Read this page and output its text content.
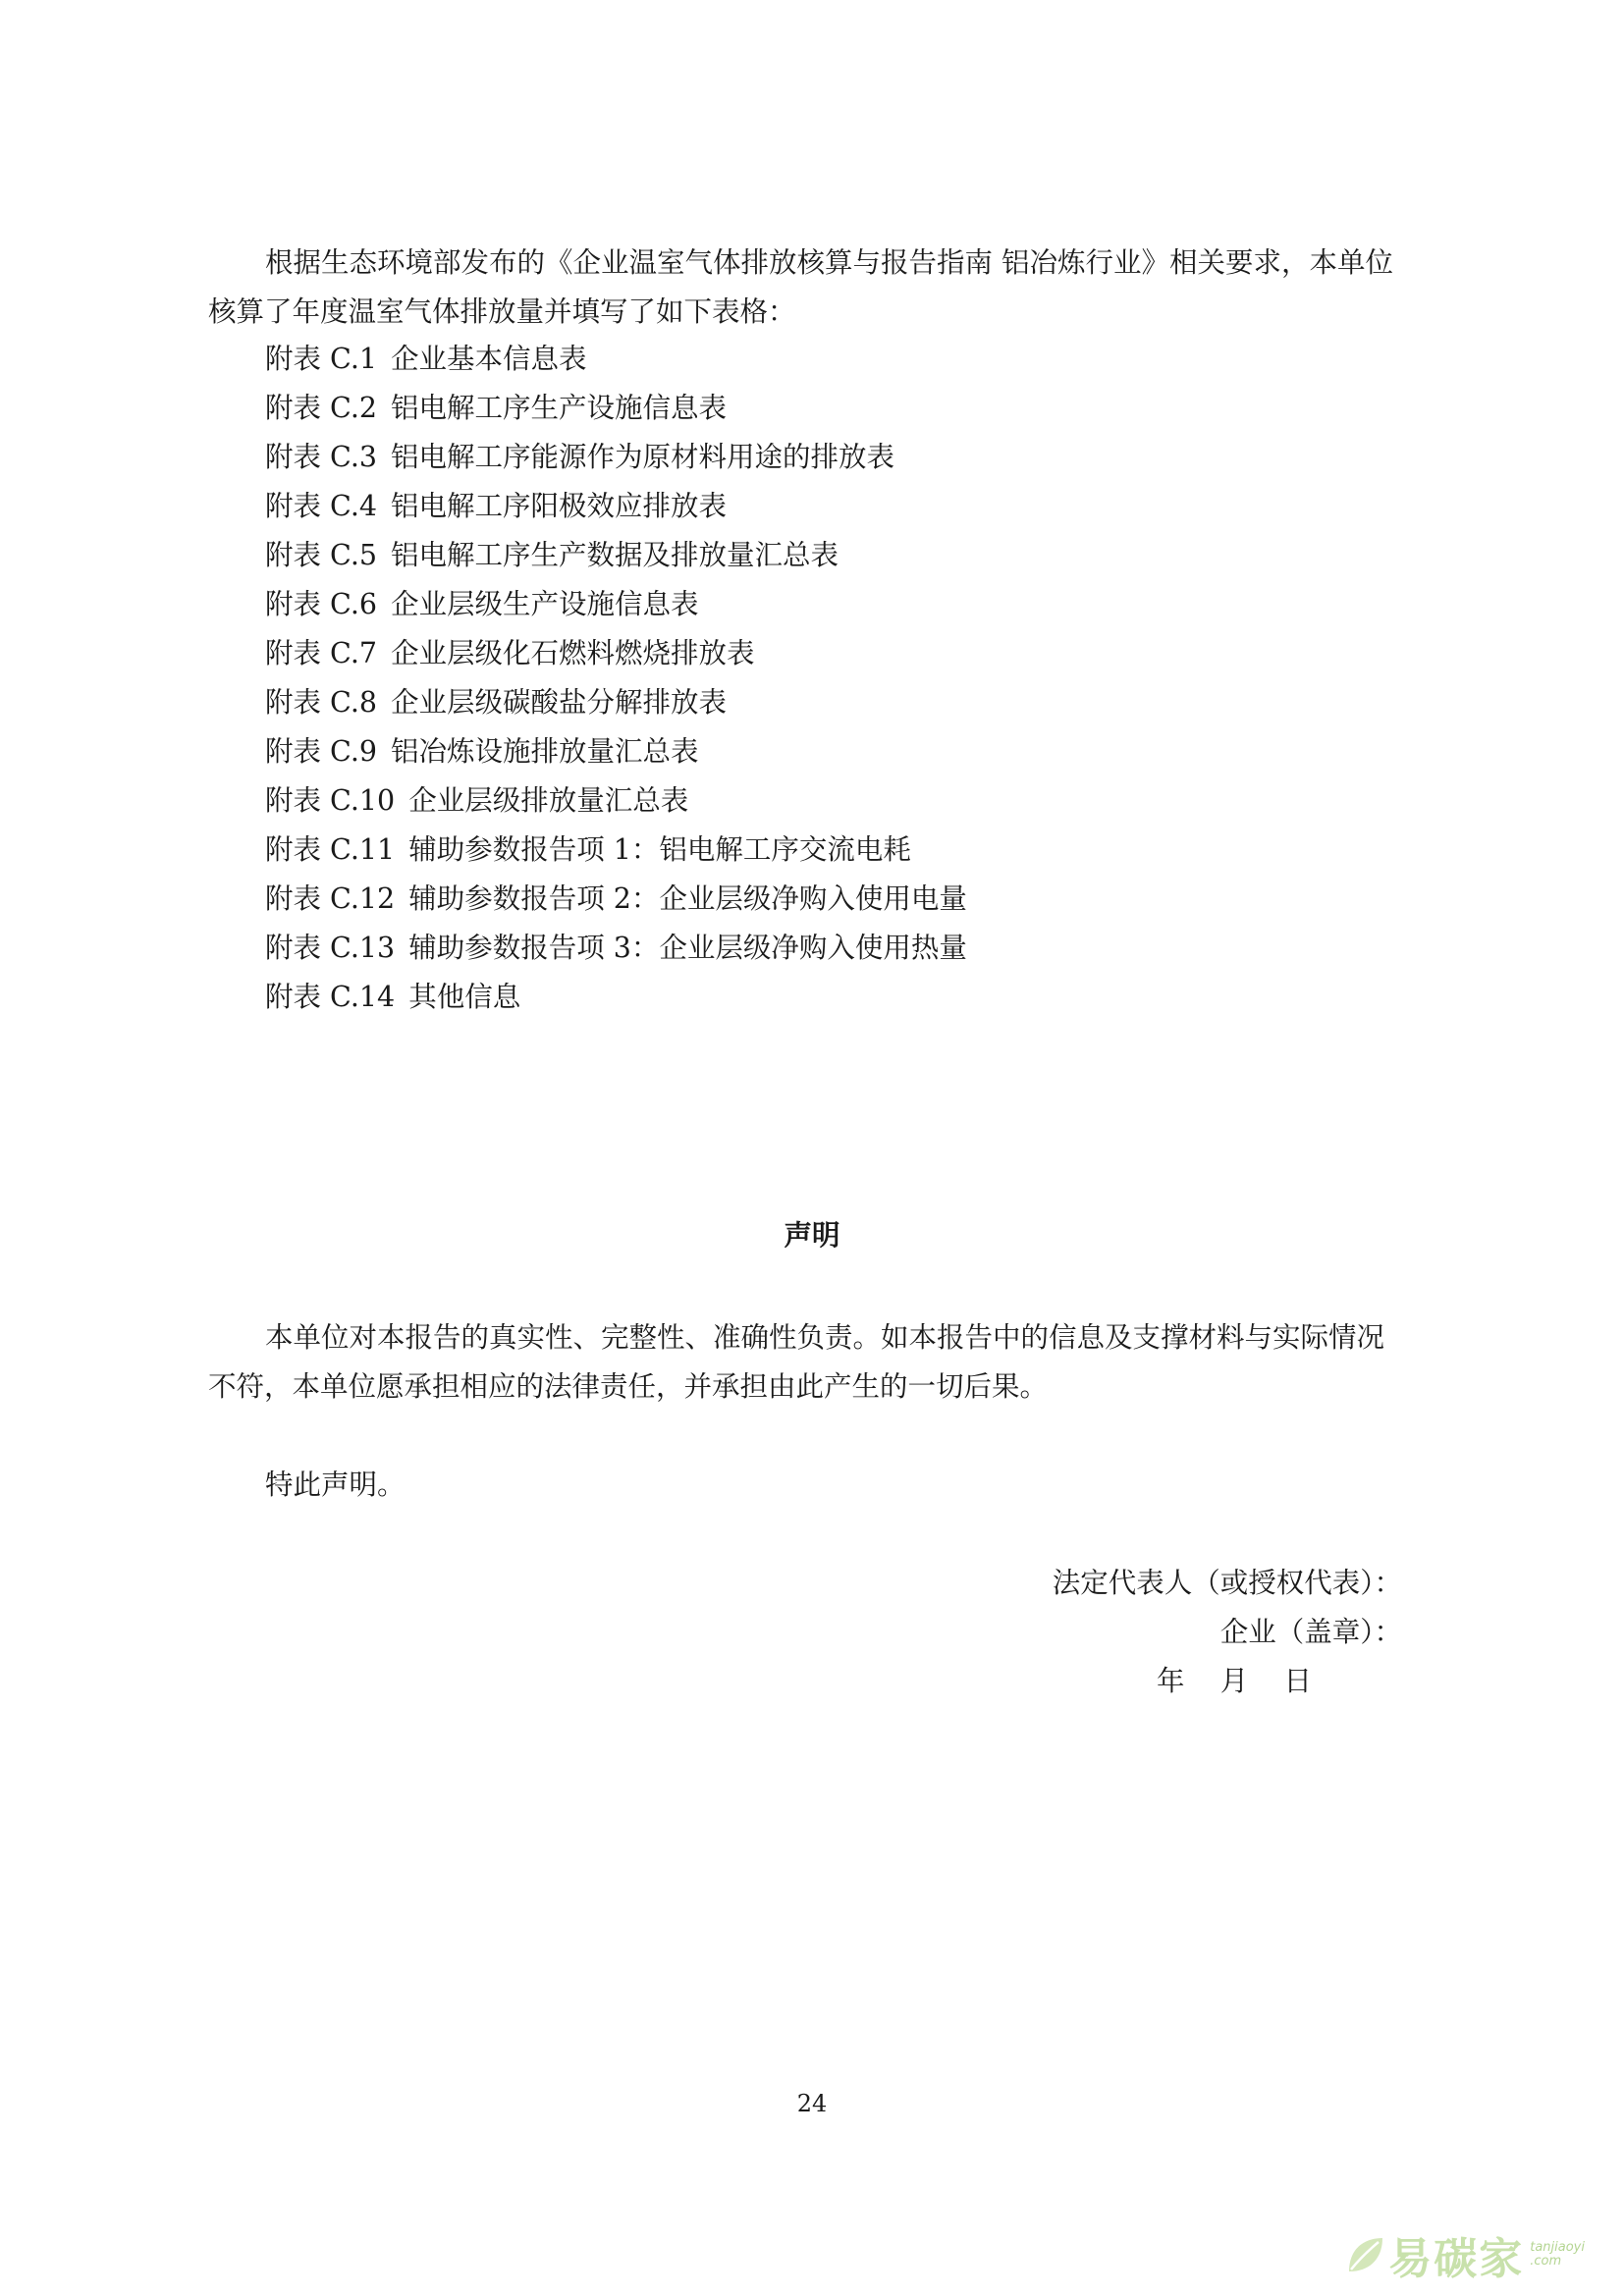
根据生态环境部发布的《企业温室气体排放核算与报告指南 铝冶炼行业》相关要求，本单位
核算了年度温室气体排放量并填写了如下表格：

附表 C.1 企业基本信息表
附表 C.2 铝电解工序生产设施信息表
附表 C.3 铝电解工序能源作为原材料用途的排放表
附表 C.4 铝电解工序阳极效应排放表
附表 C.5 铝电解工序生产数据及排放量汇总表
附表 C.6 企业层级生产设施信息表
附表 C.7 企业层级化石燃料燃烧排放表
附表 C.8 企业层级碳酸盐分解排放表
附表 C.9 铝冶炼设施排放量汇总表
附表 C.10 企业层级排放量汇总表
附表 C.11 辅助参数报告项 1：铝电解工序交流电耗
附表 C.12 辅助参数报告项 2：企业层级净购入使用电量
附表 C.13 辅助参数报告项 3：企业层级净购入使用热量
附表 C.14 其他信息
声明

本单位对本报告的真实性、完整性、准确性负责。如本报告中的信息及支撑材料与实际情况
不符，本单位愿承担相应的法律责任，并承担由此产生的一切后果。

特此声明。

法定代表人（或授权代表）：
企业（盖章）：
年    月    日
24
易碳家 tanjiaoyi
.com
